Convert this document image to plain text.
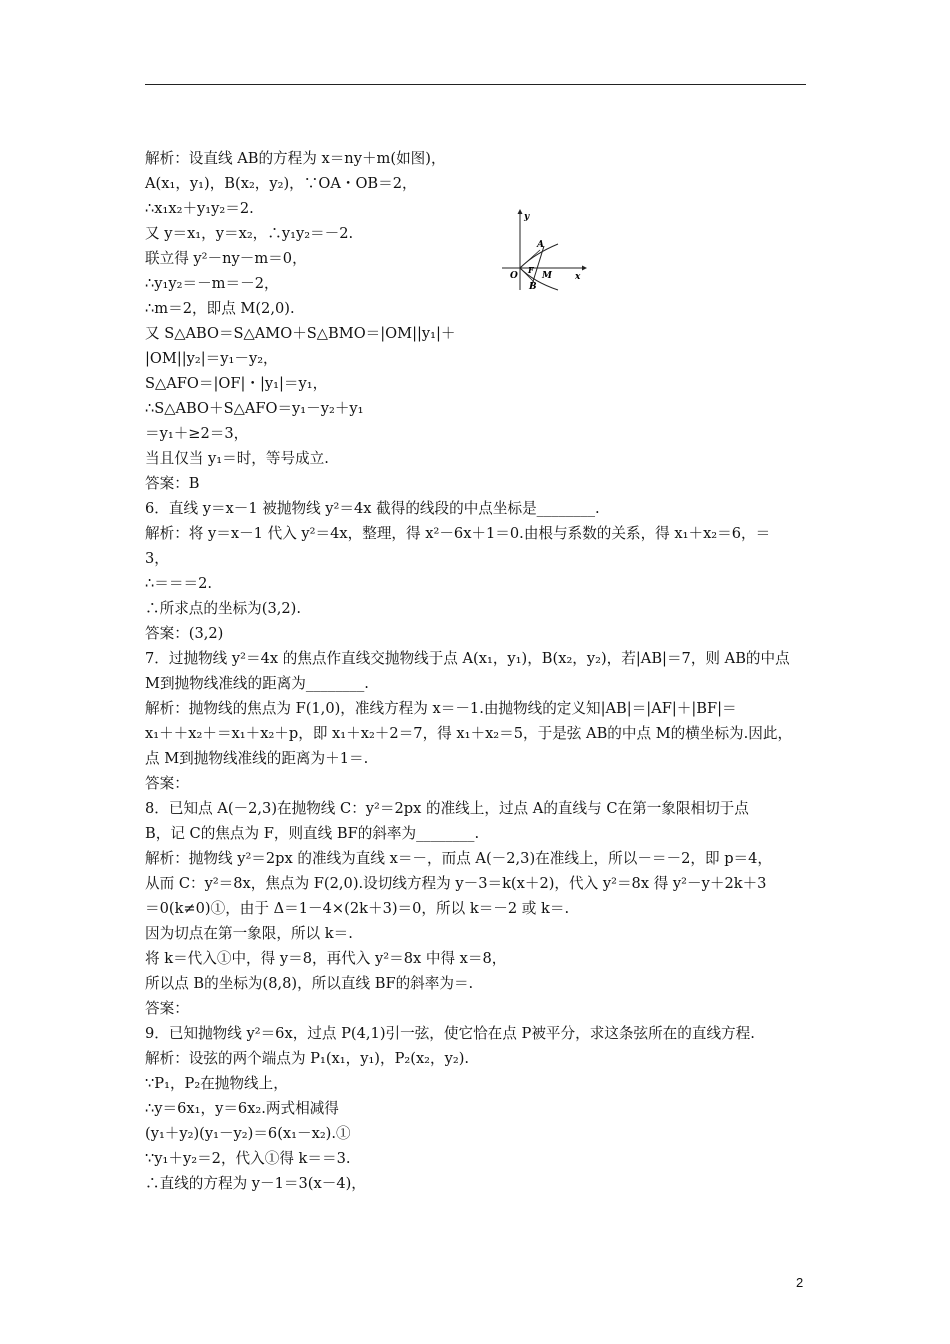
解析：设直线 AB的方程为 x＝ny＋m(如图)，
A(x₁，y₁)，B(x₂，y₂)，∵OA・OB＝2，
∴x₁x₂＋y₁y₂＝2.
又 y＝x₁，y＝x₂，∴y₁y₂＝－2.
联立得 y²－ny－m＝0，
∴y₁y₂＝－m＝－2，
∴m＝2，即点 M(2,0).
又 S△ABO＝S△AMO＋S△BMO＝|OM||y₁|＋
|OM||y₂|＝y₁－y₂，
S△AFO＝|OF|・|y₁|＝y₁，
∴S△ABO＋S△AFO＝y₁－y₂＋y₁
＝y₁＋≥2＝3，
当且仅当 y₁＝时，等号成立.
答案：B
6．直线 y＝x－1 被抛物线 y²＝4x 截得的线段的中点坐标是________.
解析：将 y＝x－1 代入 y²＝4x，整理，得 x²－6x＋1＝0.由根与系数的关系，得 x₁＋x₂＝6，＝
3，
∴＝＝＝2.
∴所求点的坐标为(3,2).
答案：(3,2)
7．过抛物线 y²＝4x 的焦点作直线交抛物线于点 A(x₁，y₁)，B(x₂，y₂)，若|AB|＝7，则 AB的中点
M到抛物线准线的距离为________.
解析：抛物线的焦点为 F(1,0)，准线方程为 x＝－1.由抛物线的定义知|AB|＝|AF|＋|BF|＝
x₁＋＋x₂＋＝x₁＋x₂＋p，即 x₁＋x₂＋2＝7，得 x₁＋x₂＝5，于是弦 AB的中点 M的横坐标为.因此，
点 M到抛物线准线的距离为＋1＝.
答案：
8．已知点 A(－2,3)在抛物线 C：y²＝2px 的准线上，过点 A的直线与 C在第一象限相切于点
B，记 C的焦点为 F，则直线 BF的斜率为________.
解析：抛物线 y²＝2px 的准线为直线 x＝－，而点 A(－2,3)在准线上，所以－＝－2，即 p＝4，
从而 C：y²＝8x，焦点为 F(2,0).设切线方程为 y－3＝k(x＋2)，代入 y²＝8x 得 y²－y＋2k＋3
＝0(k≠0)①，由于 Δ＝1－4×(2k＋3)＝0，所以 k＝－2 或 k＝.
因为切点在第一象限，所以 k＝.
将 k＝代入①中，得 y＝8，再代入 y²＝8x 中得 x＝8，
所以点 B的坐标为(8,8)，所以直线 BF的斜率为＝.
答案：
9．已知抛物线 y²＝6x，过点 P(4,1)引一弦，使它恰在点 P被平分，求这条弦所在的直线方程.
解析：设弦的两个端点为 P₁(x₁，y₁)，P₂(x₂，y₂).
∵P₁，P₂在抛物线上，
∴y＝6x₁，y＝6x₂.两式相减得
(y₁＋y₂)(y₁－y₂)＝6(x₁－x₂).①
∵y₁＋y₂＝2，代入①得 k＝＝3.
∴直线的方程为 y－1＝3(x－4)，
y
x
O
A
F
M
B
2
